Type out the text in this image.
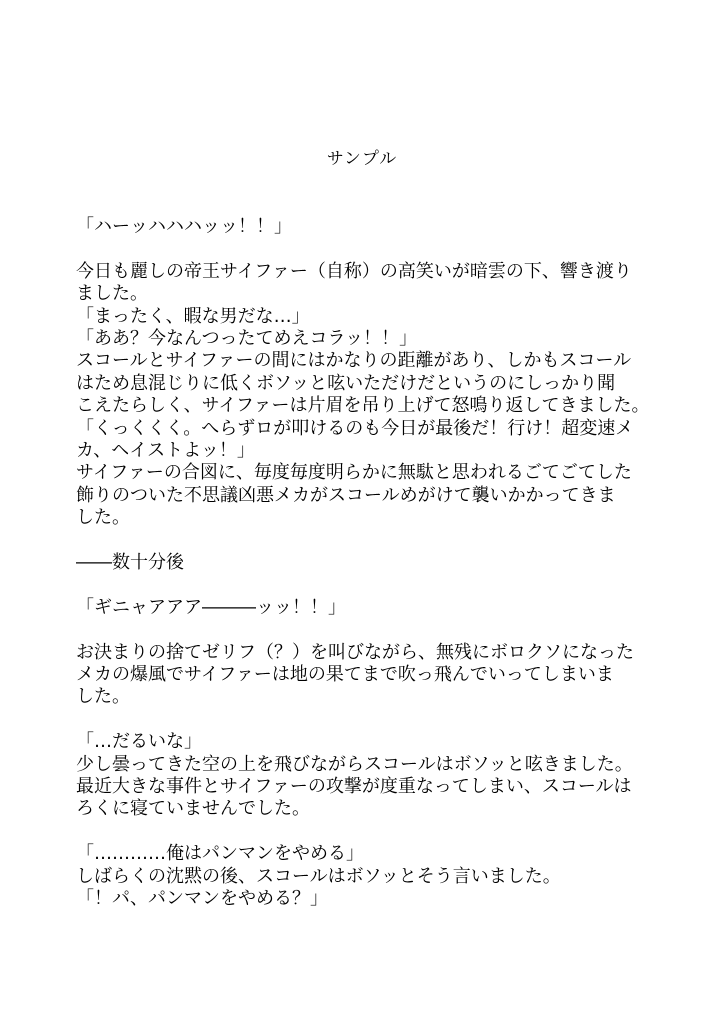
サンプル
「ハーッハハハッッ！！」
今日も麗しの帝王サイファー（自称）の高笑いが暗雲の下、響き渡り
ました。
「まったく、暇な男だな…」
「ああ？今なんつったてめえコラッ！！」
スコールとサイファーの間にはかなりの距離があり、しかもスコール
はため息混じりに低くボソッと呟いただけだというのにしっかり聞
こえたらしく、サイファーは片眉を吊り上げて怒鳴り返してきました。
「くっくくく。へらずロが叩けるのも今日が最後だ！行け！超変速メ
カ、ヘイストよッ！」
サイファーの合図に、毎度毎度明らかに無駄と思われるごてごてした
飾りのついた不思議凶悪メカがスコールめがけて襲いかかってきま
した。
――数十分後
「ギニャアアア―――ッッ！！」
お決まりの捨てゼリフ（？）を叫びながら、無残にボロクソになった
メカの爆風でサイファーは地の果てまで吹っ飛んでいってしまいま
した。
「…だるいな」
少し曇ってきた空の上を飛びながらスコールはボソッと呟きました。
最近大きな事件とサイファーの攻撃が度重なってしまい、スコールは
ろくに寝ていませんでした。
「…………俺はパンマンをやめる」
しばらくの沈黙の後、スコールはボソッとそう言いました。
「！パ、パンマンをやめる？」
